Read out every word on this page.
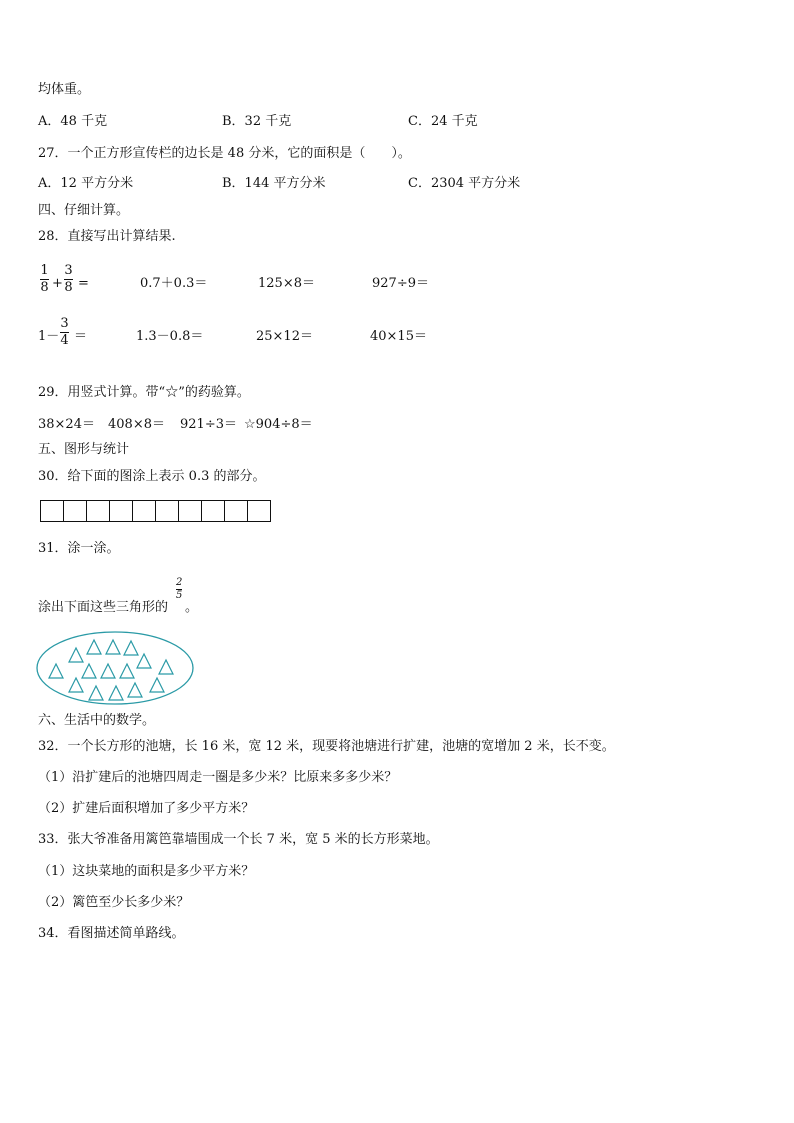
均体重。
A．48 千克	B．32 千克	C．24 千克
27．一个正方形宣传栏的边长是 48 分米，它的面积是（　　）。
A．12 平方分米	B．144 平方分米	C．2304 平方分米
四、仔细计算。
28．直接写出计算结果.
1
8 +
3
8 =	0.7＋0.3＝	125×8＝	927÷9＝
1－
3
4 ＝	1.3－0.8＝	25×12＝	40×15＝
29．用竖式计算。带“☆”的药验算。
38×24＝ 408×8＝ 921÷3＝ ☆904÷8＝
五、图形与统计
30．给下面的图涂上表示 0.3 的部分。
31．涂一涂。
涂出下面这些三角形的
2
5
。
六、生活中的数学。
32．一个长方形的池塘，长 16 米，宽 12 米，现要将池塘进行扩建，池塘的宽增加 2 米，长不变。
（1）沿扩建后的池塘四周走一圈是多少米？比原来多多少米？
（2）扩建后面积增加了多少平方米？
33．张大爷准备用篱笆靠墙围成一个长 7 米，宽 5 米的长方形菜地。
（1）这块菜地的面积是多少平方米？
（2）篱笆至少长多少米？
34．看图描述简单路线。
